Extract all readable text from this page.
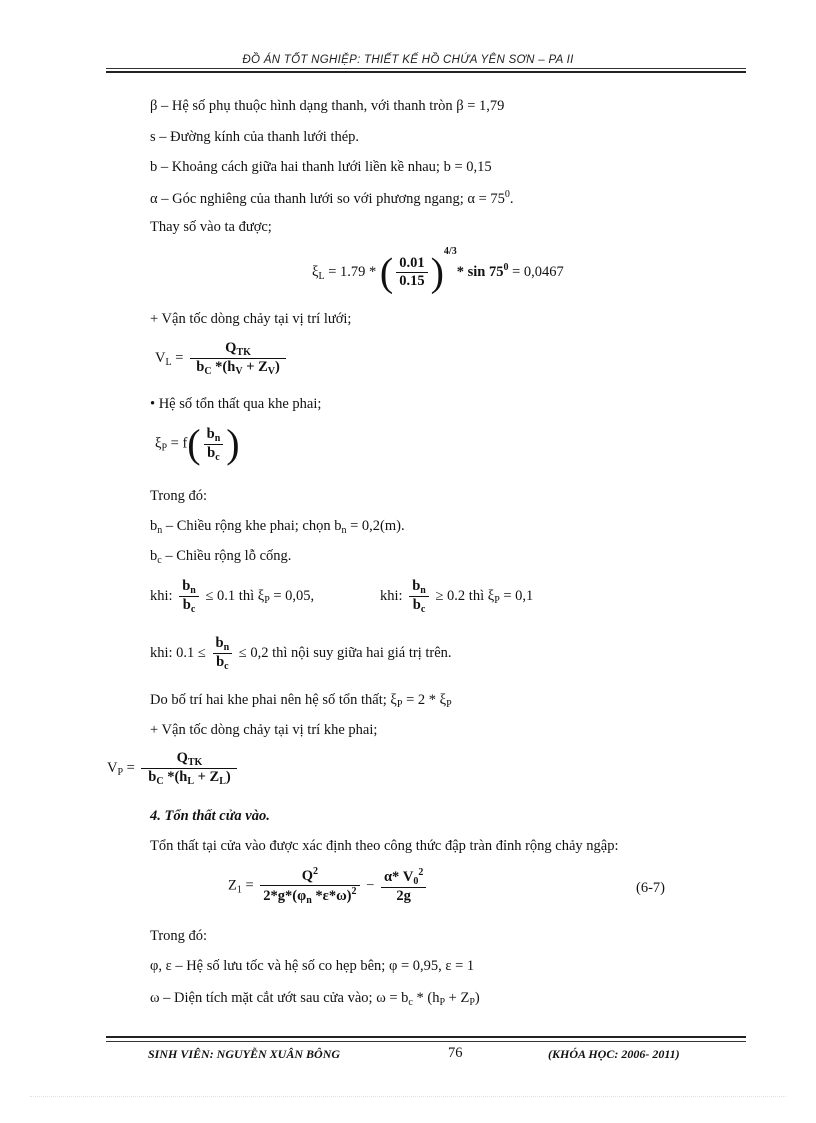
ĐỒ ÁN TỐT NGHIỆP: THIẾT KẾ HỒ CHỨA YÊN SƠN – PA II
β – Hệ số phụ thuộc hình dạng thanh, với thanh tròn β = 1,79
s – Đường kính của thanh lưới thép.
b – Khoảng cách giữa hai thanh lưới liền kề nhau; b = 0,15
α – Góc nghiêng của thanh lưới so với phương ngang; $\alpha = 75^0$.
Thay số vào ta được;
$\xi_L = 1.79$ * ( $\frac{0.01}{0.15} )^{4/3}*$ $\sin 75^0 = 0,0467$
+ Vận tốc dòng chảy tại vị trí lưới;
$V_L = \frac{Q_{TK}}{b_C *(h_V + Z_V)}$
• Hệ số tổn thất qua khe phai;
$\xi_P = f( \frac{b_n}{b_c}$ )
Trong đó:
$b_n$ – Chiều rộng khe phai; chọn $b_n = 0,2(m)$.
$b_c$ – Chiều rộng lỗ cống.
khi: $\frac{b_n}{b_c} \le 0.1$ thì $\xi_P = 0,05$,	khi: $\frac{b_n}{b_c} \ge 0.2$ thì $\xi_P = 0,1$
khi: $0.1 \le \frac{b_n}{b_c} \le 0,2$ thì nội suy giữa hai giá trị trên.
Do bố trí hai khe phai nên hệ số tổn thất; $\xi_P = 2 * \xi_P$
+ Vận tốc dòng chảy tại vị trí khe phai;
$V_P = \frac{Q_{TK}}{b_C *(h_L + Z_L)}$
4. Tổn thất cửa vào.
Tổn thất tại cửa vào được xác định theo công thức đập tràn đỉnh rộng chảy ngập:
$Z_1 = \frac{Q^2}{2*g*(\varphi_n *\varepsilon*\omega)^2} - \frac{\alpha* V_0^2}{2g}$	(6-7)
Trong đó:
φ, ε – Hệ số lưu tốc và hệ số co hẹp bên; φ = 0,95, ε = 1
ω – Diện tích mặt cắt ướt sau cửa vào; $\omega = b_c * (h_P + Z_P)$
SINH VIÊN: NGUYỄN XUÂN BÔNG	76	(KHÓA HỌC: 2006- 2011)
